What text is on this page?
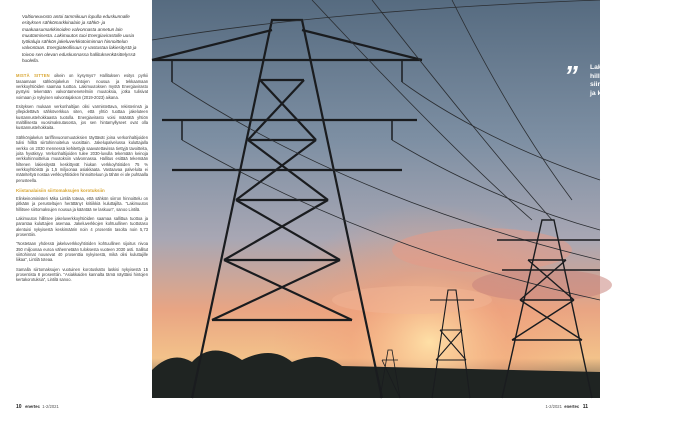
Valtioneuvosto antoi tammikuun lopulla eduskunnalle esityksen sähkömarkkinalain ja sähkö- ja maakaasumarkkinoiden valvonnasta annetun lain muuttamisesta. Lakimuutos tuoi Energiavirastolle uusia työkaluja sähkön jakeluverkkotoiminnan hinnoittelun valvontaan. Energiateollisuus ry vastustaa lakiesitystä ja toivoo sen olevan eduskunnassa hallituksenkäsittelyssä huolella.

MISTÄ SITTEN oikein on kysymys? Hallituksen esitys pyrkii tasaamaan sähkönjakelun hintojen nousua ja tekkaamaan verkkoyhtiöiden saamaa tuottoa. Lakimuutoksen myötä Energiavirasto pystyisi tekemään valvontamenetelmiin muutoksia, jotka tulisivat voimaan jo nykyisen valvontajakson (2019-2023) aikana.

Esityksen mukaan verkonhaltijan olisi varmistettava, rekisterinsä ja yllepidettävä sähköverkkoa siten, että yhtiö tuottaa jakeluteen kustannustehokkaasta tuotolla. Energiavirasto voisi määrätä yhtiön maltillisesta vuosimaksutasosta, jos sen hintamyllyseet ovat olla kustannustehokkaita.

Sähkönjakelun tariffinvuoromuutoksien täyttävät joina verkonhaltijoiden tulisi hillitä siirtohinnoitelua vuosittain. Jakelupalvelussa kuluttajalla verkko on 2030 mennessä kehitettyjä saavutettavissa tiettyjä tavoitteita, joita hyväksyy. Verkonhaltijoiden tulee 2030-luvulla tekemään keinoja verkkohinnoittelua muutoksiin valvonnassa. Hallitus esittää tekemään hiltenen lakiesitystä keskittyvät hiukan verkkoyhtiöiden 75 % verkkoyhtiöistä ja 1,5 miljoonaa asiakkaata. Vastaavaa palveluita ei määriteltyä nostaa verkkoyhtiöiden hinnoitteluun ja tähän ei ole puhtaalla perusteella.

Kiistanalaisiin siirtomaksujen korotuksiin

Elinkeinoministeri Mika Lintilä toteaa, että sähkön siirron hinnoittelu on pitkään ja perusteltujen herättänyt kritiikkiä kuluttajilta. "Lakimuutos hillitsee siirtomaksujen nousua ja kääntää ne laskuun", sanoo Lintilä.

Lakimuutos hillitsee jakeluverkkoyhtiöiden saamaa sallittua tuottoa ja parantaa kuluttajien asemaa. Jakeluverkkojen kohtuullinen tuottotaso alentuisi nykyisestä keskimäärin noin 4 prosentin tasolta noin 5,73 prosenttiin.

"Nostetaan yhdessä jakeluverkkoyhtiöiden kohtuullinen sijoitus nivoa 350 miljoonaa euroa vähennetään tuloksesta vuoteen 2030 asti. Sallitut siirtohinnat nousevat 40 prosenttia nykyisestä, mikä olisi kuluttajille liikaa", Lintilä toteaa.

Samalla siirtomaksujen vuotuinen korotuskatto laskisi nykyisestä 15 prosentista 8 prosenttiin. "Asiakkaiden kannalta tämä näyttäisi hintojen kertakorotuksia", Lintilä sanoo.

” Lakimuutos
hillitsee
siirtomaksujen nousua
ja kääntää ne laskuun.
10 enertec 1-2/2021	1-2/2021 enertec 11
